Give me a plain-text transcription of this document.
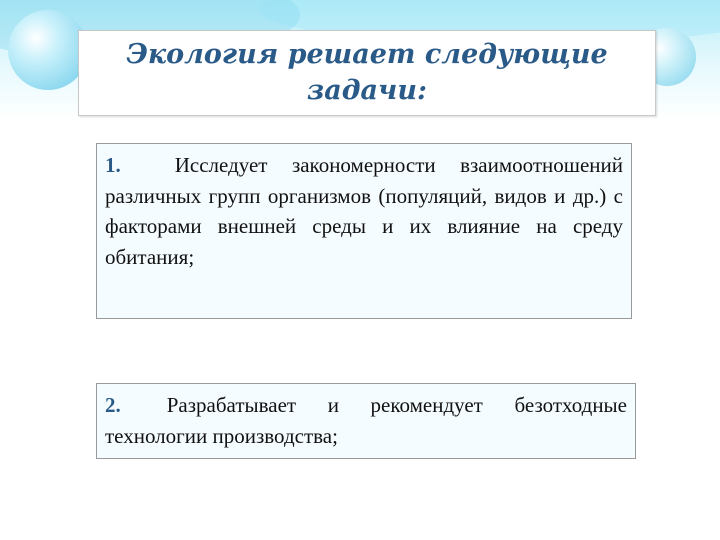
Экология решает следующие задачи:
1.	Исследует закономерности взаимоотношений различных групп организмов (популяций, видов и др.) с факторами внешней среды и их влияние на среду обитания;
2. Разрабатывает и рекомендует безотходные технологии производства;
